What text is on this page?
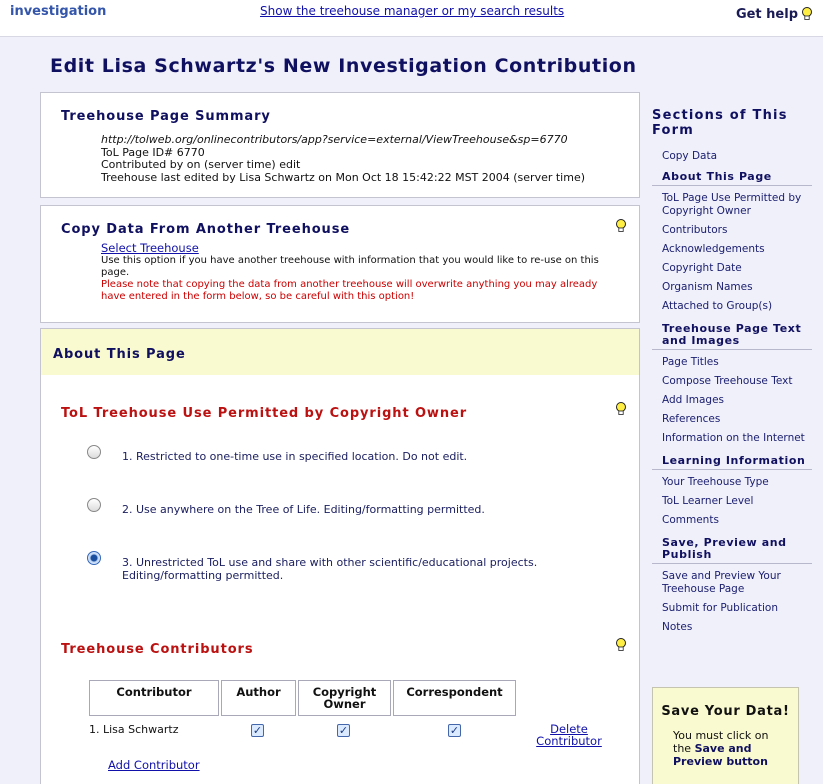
investigation	Show the treehouse manager or my search results	Get help
Edit Lisa Schwartz's New Investigation Contribution
Treehouse Page Summary
http://tolweb.org/onlinecontributors/app?service=external/ViewTreehouse&sp=6770
ToL Page ID# 6770
Contributed by on (server time) edit
Treehouse last edited by Lisa Schwartz on Mon Oct 18 15:42:22 MST 2004 (server time)
Copy Data From Another Treehouse
Select Treehouse
Use this option if you have another treehouse with information that you would like to re-use on this page.
Please note that copying the data from another treehouse will overwrite anything you may already have entered in the form below, so be careful with this option!
About This Page
ToL Treehouse Use Permitted by Copyright Owner
1. Restricted to one-time use in specified location. Do not edit.
2. Use anywhere on the Tree of Life. Editing/formatting permitted.
3. Unrestricted ToL use and share with other scientific/educational projects. Editing/formatting permitted.
Treehouse Contributors
Contributor	Author	Copyright Owner	Correspondent
1. Lisa Schwartz	✓	✓	✓	Delete Contributor
Add Contributor
Sections of This Form
Copy Data
About This Page
ToL Page Use Permitted by Copyright Owner
Contributors
Acknowledgements
Copyright Date
Organism Names
Attached to Group(s)
Treehouse Page Text and Images
Page Titles
Compose Treehouse Text
Add Images
References
Information on the Internet
Learning Information
Your Treehouse Type
ToL Learner Level
Comments
Save, Preview and Publish
Save and Preview Your Treehouse Page
Submit for Publication
Notes
Save Your Data!
You must click on the Save and Preview button
